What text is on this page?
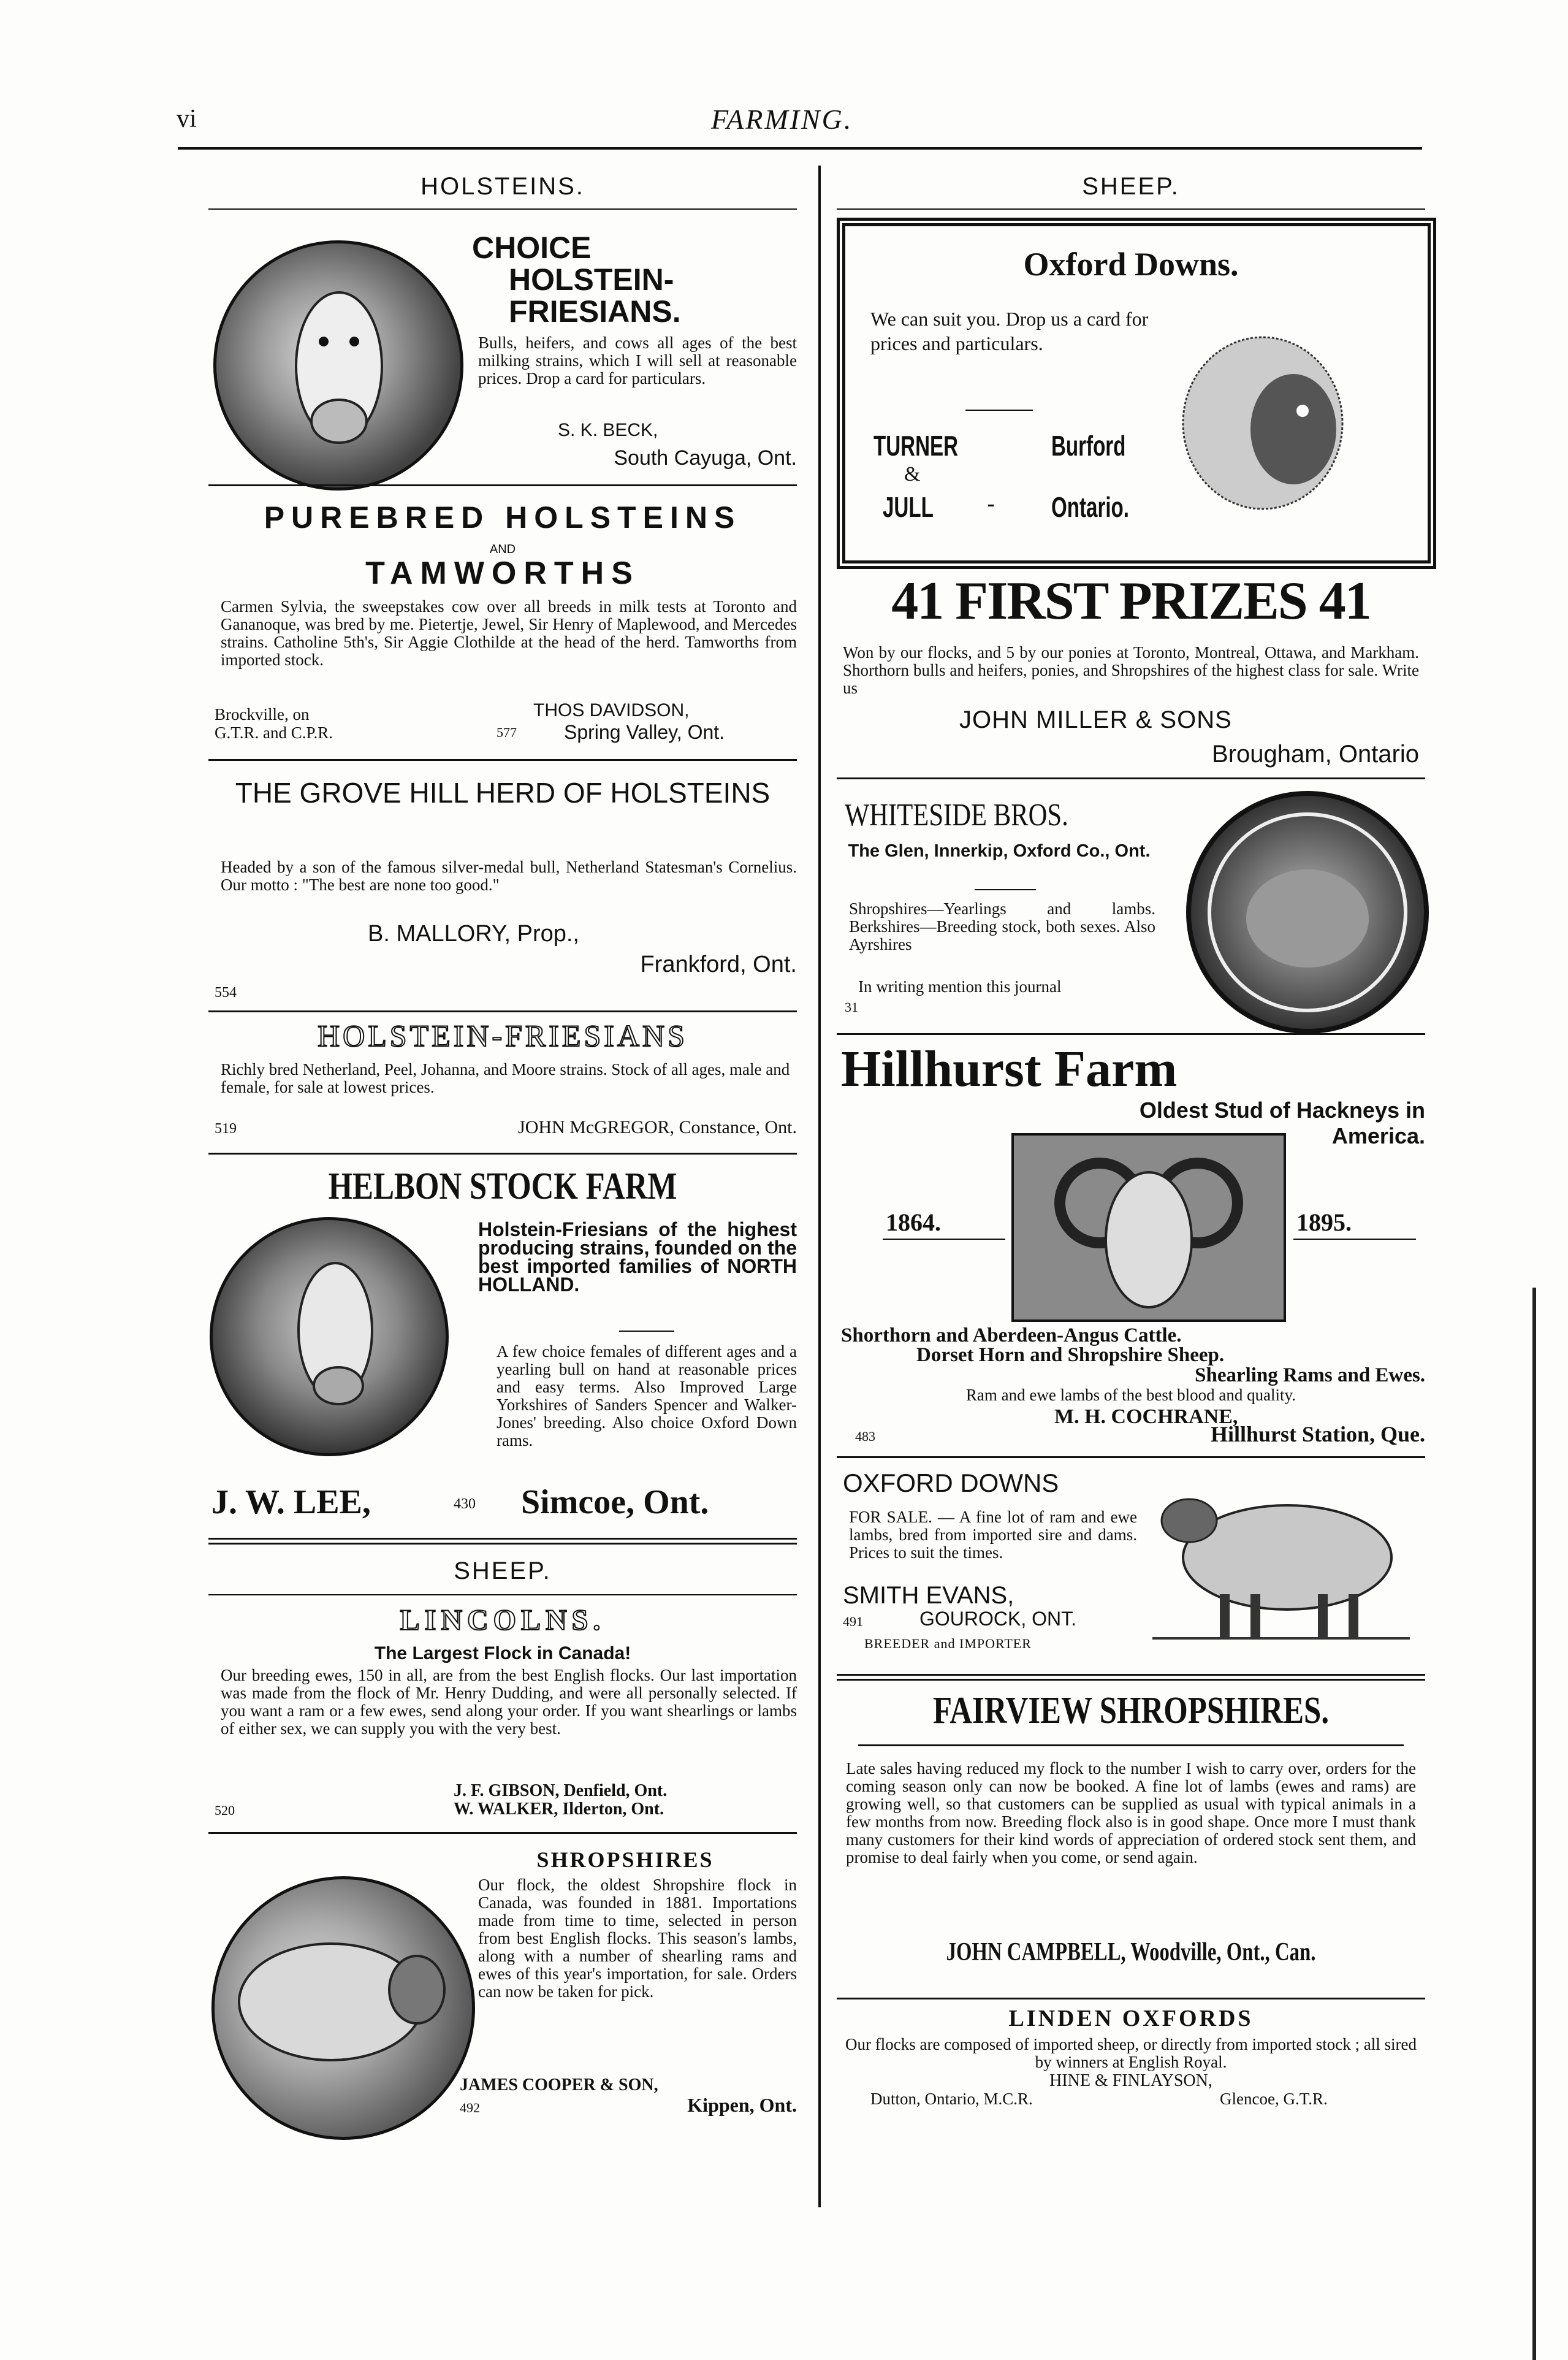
vi	FARMING.
HOLSTEINS.
CHOICE
HOLSTEIN-
FRIESIANS.
Bulls, heifers, and cows all ages of the best milking strains, which I will sell at reasonable prices. Drop a card for particulars.
S. K. BECK,
South Cayuga, Ont.
PUREBRED HOLSTEINS
AND
TAMWORTHS
Carmen Sylvia, the sweepstakes cow over all breeds in milk tests at Toronto and Gananoque, was bred by me. Pietertje, Jewel, Sir Henry of Maplewood, and Mercedes strains. Catholine 5th's, Sir Aggie Clothilde at the head of the herd. Tamworths from imported stock.
Brockville, on
G.T.R. and C.P.R.
THOS DAVIDSON,
577 Spring Valley, Ont.
THE GROVE HILL HERD OF HOLSTEINS
Headed by a son of the famous silver-medal bull, Netherland Statesman's Cornelius. Our motto : "The best are none too good."
B. MALLORY, Prop.,
Frankford, Ont.
554
HOLSTEIN-FRIESIANS
Richly bred Netherland, Peel, Johanna, and Moore strains. Stock of all ages, male and female, for sale at lowest prices.
519	JOHN McGREGOR, Constance, Ont.
HELBON STOCK FARM
Holstein-Friesians of the highest producing strains, founded on the best imported families of NORTH HOLLAND.
A few choice females of different ages and a yearling bull on hand at reasonable prices and easy terms. Also Improved Large Yorkshires of Sanders Spencer and Walker-Jones' breeding. Also choice Oxford Down rams.
J. W. LEE,	430 Simcoe, Ont.
SHEEP.
LINCOLNS.
The Largest Flock in Canada!
Our breeding ewes, 150 in all, are from the best English flocks. Our last importation was made from the flock of Mr. Henry Dudding, and were all personally selected. If you want a ram or a few ewes, send along your order. If you want shearlings or lambs of either sex, we can supply you with the very best.
J. F. GIBSON, Denfield, Ont.
W. WALKER, Ilderton, Ont.
520
SHROPSHIRES
Our flock, the oldest Shropshire flock in Canada, was founded in 1881. Importations made from time to time, selected in person from best English flocks. This season's lambs, along with a number of shearling rams and ewes of this year's importation, for sale. Orders can now be taken for pick.
JAMES COOPER & SON,
492	Kippen, Ont.
SHEEP.
Oxford Downs.
We can suit you. Drop us a card for prices and particulars.
TURNER
&
JULL -
Burford
Ontario.
41 FIRST PRIZES 41
Won by our flocks, and 5 by our ponies at Toronto, Montreal, Ottawa, and Markham. Shorthorn bulls and heifers, ponies, and Shropshires of the highest class for sale. Write us
JOHN MILLER & SONS
Brougham, Ontario
WHITESIDE BROS.
The Glen, Innerkip, Oxford Co., Ont.
Shropshires—Yearlings and lambs. Berkshires—Breeding stock, both sexes. Also Ayrshires
In writing mention this journal
31
Hillhurst Farm
Oldest Stud of Hackneys in America.
1864.	1895.
Shorthorn and Aberdeen-Angus Cattle.
Dorset Horn and Shropshire Sheep.
Shearling Rams and Ewes.
Ram and ewe lambs of the best blood and quality.
M. H. COCHRANE,
483	Hillhurst Station, Que.
OXFORD DOWNS
FOR SALE. — A fine lot of ram and ewe lambs, bred from imported sire and dams. Prices to suit the times.
SMITH EVANS,
491	GOUROCK, ONT.
BREEDER and IMPORTER
FAIRVIEW SHROPSHIRES.
Late sales having reduced my flock to the number I wish to carry over, orders for the coming season only can now be booked. A fine lot of lambs (ewes and rams) are growing well, so that customers can be supplied as usual with typical animals in a few months from now. Breeding flock also is in good shape. Once more I must thank many customers for their kind words of appreciation of ordered stock sent them, and promise to deal fairly when you come, or send again.
JOHN CAMPBELL, Woodville, Ont., Can.
LINDEN OXFORDS
Our flocks are composed of imported sheep, or directly from imported stock ; all sired by winners at English Royal.
HINE & FINLAYSON,
Dutton, Ontario, M.C.R.	Glencoe, G.T.R.
